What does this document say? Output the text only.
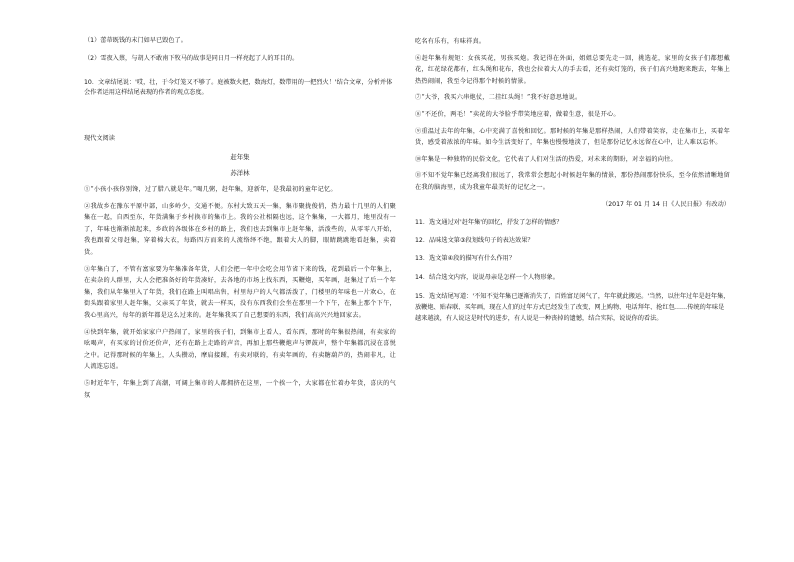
（1）蕾蒂既钱的末门如早已毁色了。

（2）雪夜入蔡，与胡人不敢南下牧马的故事是同日月一样亮起了人的耳目的。

10．文章结尾说：'哎，壮，于今灯笼又不够了。庭被数火把，数海灯，数带用的一把烈火！'结合文章，分析并体会作者运用这样结尾表现的作者的观点态度。

现代文阅读

赶年集

苏洋林

①“小孩小孩你别馋，过了腊八就是年。”喝几粥，赶年集，迎新年，是我最初的童年记忆。

②我故乡在豫东平原中部，山多岭少，交通不便。东村大致五天一集，集市聚拢俊俏，热力最十几里的人们聚集在一起，自西至东，年货满集于乡村换市的集市上。我的公社相隔也远，这个集集，一大都月，地里没有一了，年味也渐渐浓起来，乡政的各级体在乡村的路上，我们也去到集市上赶年集，活泼些的，从零零八开始，我也跟着父母赶集，穿着棉大衣，每路四方而来的人流络绎不绝，跟着大人的脚，眼睛跳跳地看赶集，卖着货。

③年集白了，不管有富家要为年集准备年货，人们会把一年中会吃会用节省下来的钱，花到最后一个年集上，在卖杂的人群里，大人会把准备好的年货凑好，去各地的市场上找东西，买鞭炮，买年画，赶集过了后一个年集，我们从年集里入了年货，我们在路上叫唱出售，村里每户的人气都活泼了，门楼里的年味也一片欢心，在街头跟着家里人赶年集，父亲买了年货，就去一样买，没有东西我们会坐在那里一个下午，在集上那个下午，我心里高兴，每年的新年都是这么过来的。赶年集我买了自己想要的东西，我们高高兴兴地回家去。

④快到年集，就开始家家户户热闹了，家里的孩子们，到集市上看人，看东西，那时的年集很热闹，有卖家的吆喝声，有买家的讨价还价声，还有在路上走路的声音，再加上那些鞭炮声与锣鼓声，整个年集都沉浸在喜悦之中。记得那时候的年集上，人头攒动，摩肩接踵，有卖对联的，有卖年画的，有卖糖葫芦的，热闹非凡，让人流连忘返。

⑤时近年午，年集上到了高潮，可阔上集市的人都拥挤在这里，一个挨一个，大家都在忙着办年货，喜庆的气氛

吃名有乐有，有味祥真。

⑥赶年集有规矩：女孩买花，男孩买炮。我记得在外面，姐姐总要先走一回，挑选花，家里的女孩子们都想戴花，红花绿花都有，红头绳和花布，我也会拉着大人的手去看，还有卖灯笼的，孩子们高兴地跑来跑去，年集上热热闹闹，我至今记得那个时候的情景。

⑦“大爷，我买六串炮仗，二挂红头绳！”我不好意思地说。

⑧“不还价，两毛！”卖花的大爷脸乎带笑地应着，做着生意，很是开心。

⑨重温过去年的年集，心中充满了喜悦和回忆。那时候的年集是那样热闹，人们带着笑容，走在集市上，买着年货，感受着浓浓的年味。如今生活变好了，年集也慢慢地淡了，但是那份记忆永远留在心中，让人难以忘怀。

⑩年集是一种独特的民俗文化，它代表了人们对生活的热爱，对未来的期盼，对幸福的向往。

⑪不知不觉年集已经离我们很远了，我常常会想起小时候赶年集的情景，那份热闹那份快乐，至今依然清晰地留在我的脑海里，成为我童年最美好的记忆之一。

（2017 年 01 月 14 日《人民日报》有改动）

11．选文通过对'赶年集'的回忆，抒发了怎样的情感？

12．品味选文第③段划线句子的表达效果？

13．选文第④段的描写有什么作用？

14．结合选文内容，说说母亲是怎样一个人物形象。

15．选文结尾写道：'不知不觉年集已逐渐消失了，百姓富足闲气了，年年就此搬运。'当然，以往年过年是赶年集，放鞭炮、贴春联、买年画，现在人们的过年方式已经发生了改变，网上购物、电话拜年、抢红包……传统的年味是越来越淡，有人说这是时代的进步，有人说是一种丧掉的遗憾，结合实际，说说你的看法。
